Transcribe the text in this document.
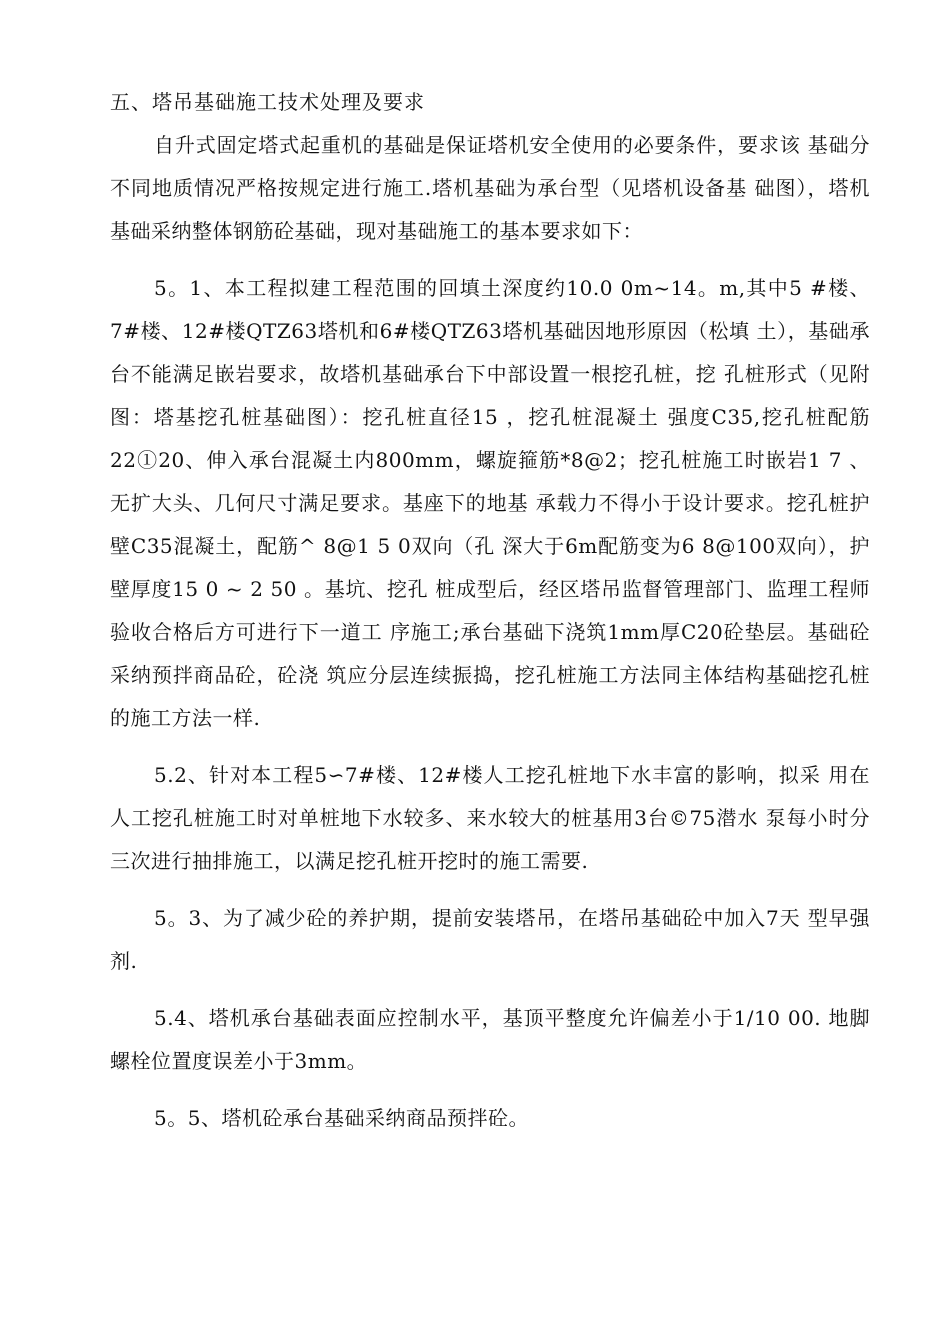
五、塔吊基础施工技术处理及要求

自升式固定塔式起重机的基础是保证塔机安全使用的必要条件，要求该 基础分不同地质情况严格按规定进行施工.塔机基础为承台型（见塔机设备基 础图），塔机基础采纳整体钢筋砼基础，现对基础施工的基本要求如下：

5。1、本工程拟建工程范围的回填土深度约10.0 0m~14。m,其中5 #楼、7#楼、12#楼QTZ63塔机和6#楼QTZ63塔机基础因地形原因（松填 土），基础承台不能满足嵌岩要求，故塔机基础承台下中部设置一根挖孔桩，挖 孔桩形式（见附图：塔基挖孔桩基础图）：挖孔桩直径15 ，挖孔桩混凝土 强度C35,挖孔桩配筋22①20、伸入承台混凝土内800mm，螺旋箍筋*8@2；挖孔桩施工时嵌岩1 7 、无扩大头、几何尺寸满足要求。基座下的地基 承载力不得小于设计要求。挖孔桩护壁C35混凝土，配筋^ 8@1 5 0双向（孔 深大于6m配筋变为6 8@100双向），护壁厚度15 0 ~ 2 50 。基坑、挖孔 桩成型后，经区塔吊监督管理部门、监理工程师验收合格后方可进行下一道工 序施工;承台基础下浇筑1mm厚C20砼垫层。基础砼采纳预拌商品砼，砼浇 筑应分层连续振捣，挖孔桩施工方法同主体结构基础挖孔桩的施工方法一样.

5.2、针对本工程5∽7#楼、12#楼人工挖孔桩地下水丰富的影响，拟采 用在人工挖孔桩施工时对单桩地下水较多、来水较大的桩基用3台©75潜水 泵每小时分三次进行抽排施工，以满足挖孔桩开挖时的施工需要.

5。3、为了减少砼的养护期，提前安装塔吊，在塔吊基础砼中加入7天 型早强剂.

5.4、塔机承台基础表面应控制水平，基顶平整度允许偏差小于1/10 00. 地脚螺栓位置度误差小于3mm。

5。5、塔机砼承台基础采纳商品预拌砼。
